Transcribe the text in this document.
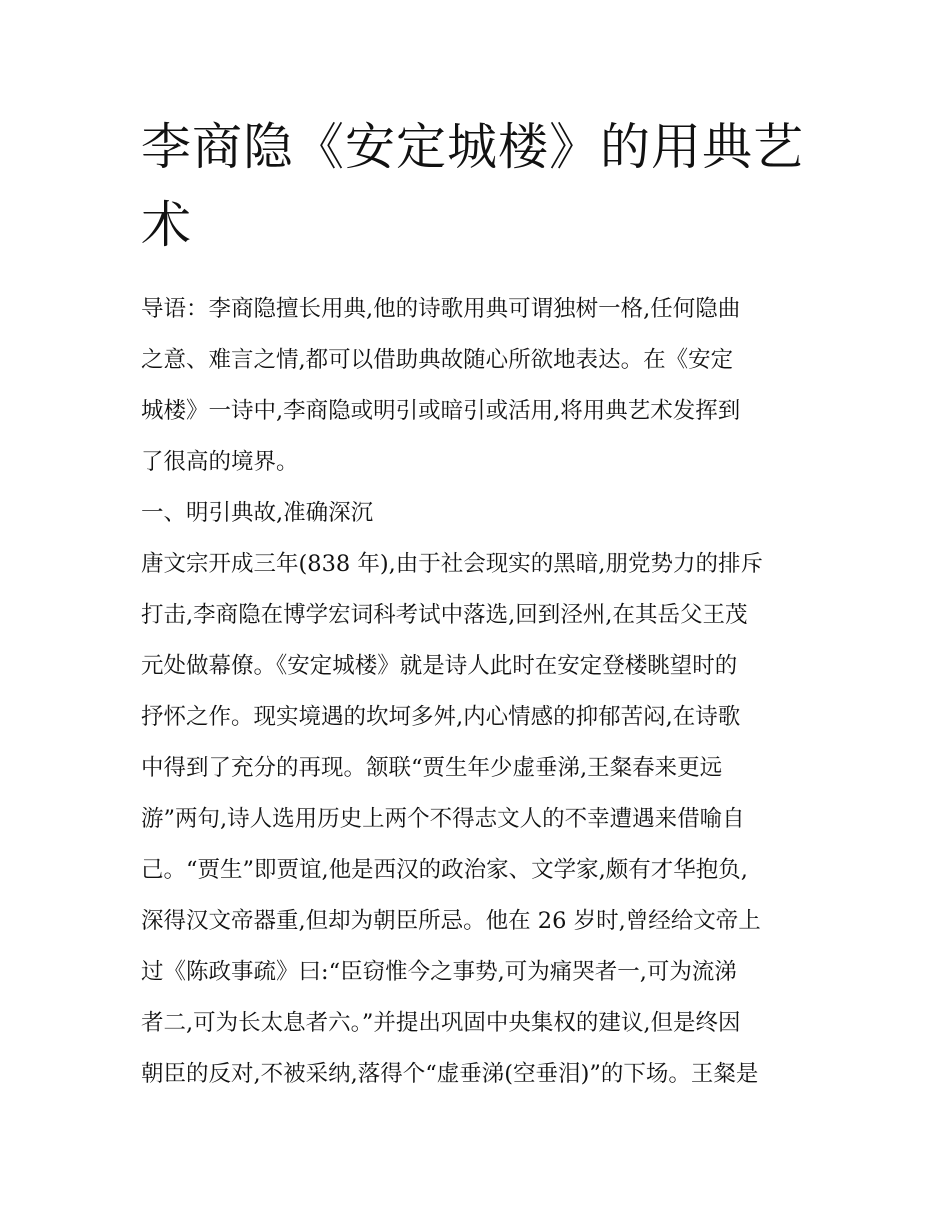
李商隐《安定城楼》的用典艺
术
导语：李商隐擅长用典,他的诗歌用典可谓独树一格,任何隐曲
之意、难言之情,都可以借助典故随心所欲地表达。在《安定
城楼》一诗中,李商隐或明引或暗引或活用,将用典艺术发挥到
了很高的境界。
一、明引典故,准确深沉
唐文宗开成三年(838 年),由于社会现实的黑暗,朋党势力的排斥
打击,李商隐在博学宏词科考试中落选,回到泾州,在其岳父王茂
元处做幕僚。《安定城楼》就是诗人此时在安定登楼眺望时的
抒怀之作。现实境遇的坎坷多舛,内心情感的抑郁苦闷,在诗歌
中得到了充分的再现。颔联“贾生年少虚垂涕,王粲春来更远
游”两句,诗人选用历史上两个不得志文人的不幸遭遇来借喻自
己。“贾生”即贾谊,他是西汉的政治家、文学家,颇有才华抱负,
深得汉文帝器重,但却为朝臣所忌。他在 26 岁时,曾经给文帝上
过《陈政事疏》曰:“臣窃惟今之事势,可为痛哭者一,可为流涕
者二,可为长太息者六。”并提出巩固中央集权的建议,但是终因
朝臣的反对,不被采纳,落得个“虚垂涕(空垂泪)”的下场。王粲是
